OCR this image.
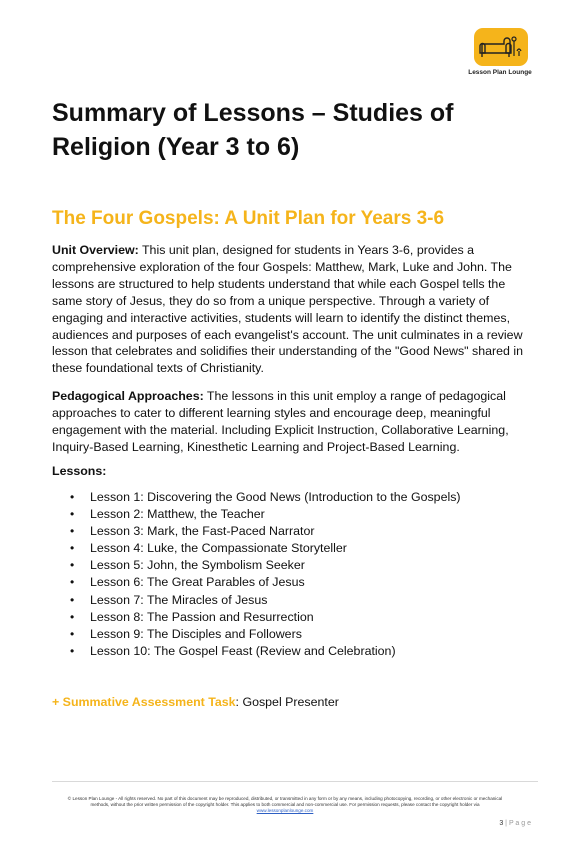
Lesson Plan Lounge
Summary of Lessons – Studies of Religion (Year 3 to 6)
The Four Gospels: A Unit Plan for Years 3-6

Unit Overview: This unit plan, designed for students in Years 3-6, provides a comprehensive exploration of the four Gospels: Matthew, Mark, Luke and John. The lessons are structured to help students understand that while each Gospel tells the same story of Jesus, they do so from a unique perspective. Through a variety of engaging and interactive activities, students will learn to identify the distinct themes, audiences and purposes of each evangelist's account. The unit culminates in a review lesson that celebrates and solidifies their understanding of the "Good News" shared in these foundational texts of Christianity.

Pedagogical Approaches: The lessons in this unit employ a range of pedagogical approaches to cater to different learning styles and encourage deep, meaningful engagement with the material. Including Explicit Instruction, Collaborative Learning, Inquiry-Based Learning, Kinesthetic Learning and Project-Based Learning.

Lessons:

• Lesson 1: Discovering the Good News (Introduction to the Gospels)
• Lesson 2: Matthew, the Teacher
• Lesson 3: Mark, the Fast-Paced Narrator
• Lesson 4: Luke, the Compassionate Storyteller
• Lesson 5: John, the Symbolism Seeker
• Lesson 6: The Great Parables of Jesus
• Lesson 7: The Miracles of Jesus
• Lesson 8: The Passion and Resurrection
• Lesson 9: The Disciples and Followers
• Lesson 10: The Gospel Feast (Review and Celebration)

+ Summative Assessment Task: Gospel Presenter

© Lesson Plan Lounge - All rights reserved. No part of this document may be reproduced, distributed, or transmitted in any form or by any means, including photocopying, recording, or other electronic or mechanical methods, without the prior written permission of the copyright holder. This applies to both commercial and non-commercial use. For permission requests, please contact the copyright holder via
www.lessonplanlounge.com
3 | P a g e
